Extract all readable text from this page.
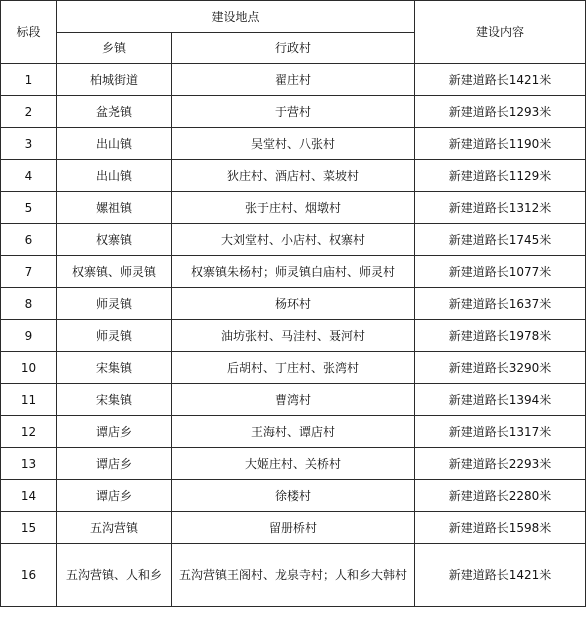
标段	建设地点		建设内容
	乡镇	行政村	
1	柏城街道	翟庄村	新建道路长1421米
2	盆尧镇	于营村	新建道路长1293米
3	出山镇	吴堂村、八张村	新建道路长1190米
4	出山镇	狄庄村、酒店村、菜坡村	新建道路长1129米
5	嫘祖镇	张于庄村、烟墩村	新建道路长1312米
6	权寨镇	大刘堂村、小店村、权寨村	新建道路长1745米
7	权寨镇、师灵镇	权寨镇朱杨村；师灵镇白庙村、师灵村	新建道路长1077米
8	师灵镇	杨环村	新建道路长1637米
9	师灵镇	油坊张村、马洼村、聂河村	新建道路长1978米
10	宋集镇	后胡村、丁庄村、张湾村	新建道路长3290米
11	宋集镇	曹湾村	新建道路长1394米
12	谭店乡	王海村、谭店村	新建道路长1317米
13	谭店乡	大姬庄村、关桥村	新建道路长2293米
14	谭店乡	徐楼村	新建道路长2280米
15	五沟营镇	留册桥村	新建道路长1598米
16	五沟营镇、人和乡	五沟营镇王阁村、龙泉寺村；人和乡大韩村	新建道路长1421米
